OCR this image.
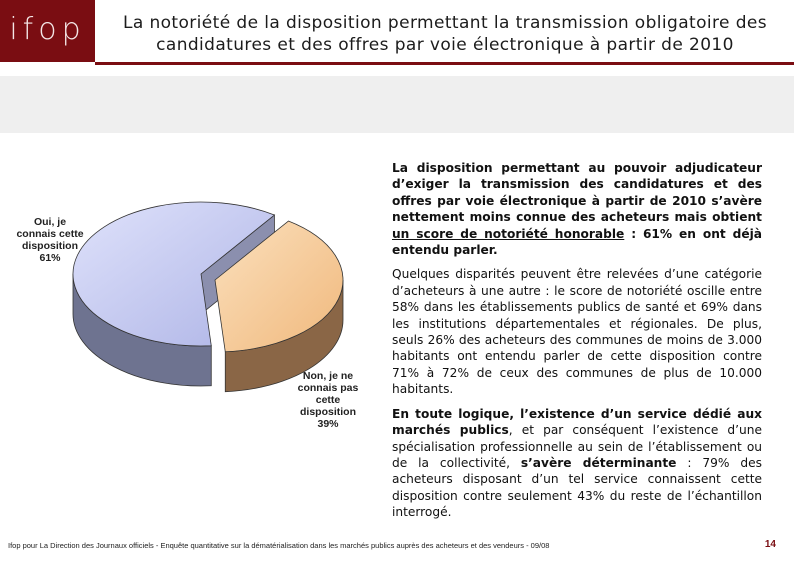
ifop	La notoriété de la disposition permettant la transmission obligatoire des
candidatures et des offres par voie électronique à partir de 2010
Oui, je
connais cette
disposition
61%
Non, je ne
connais pas
cette
disposition
39%

La disposition permettant au pouvoir adjudicateur d’exiger la transmission des candidatures et des offres par voie électronique à partir de 2010 s’avère nettement moins connue des acheteurs mais obtient un score de notoriété honorable : 61% en ont déjà entendu parler.

Quelques disparités peuvent être relevées d’une catégorie d’acheteurs à une autre : le score de notoriété oscille entre 58% dans les établissements publics de santé et 69% dans les institutions départementales et régionales. De plus, seuls 26% des acheteurs des communes de moins de 3.000 habitants ont entendu parler de cette disposition contre 71% à 72% de ceux des communes de plus de 10.000 habitants.

En toute logique, l’existence d’un service dédié aux marchés publics, et par conséquent l’existence d’une spécialisation professionnelle au sein de l’établissement ou de la collectivité, s’avère déterminante : 79% des acheteurs disposant d’un tel service connaissent cette disposition contre seulement 43% du reste de l’échantillon interrogé.

Ifop pour La Direction des Journaux officiels - Enquête quantitative sur la dématérialisation dans les marchés publics auprès des acheteurs et des vendeurs - 09/08	14
